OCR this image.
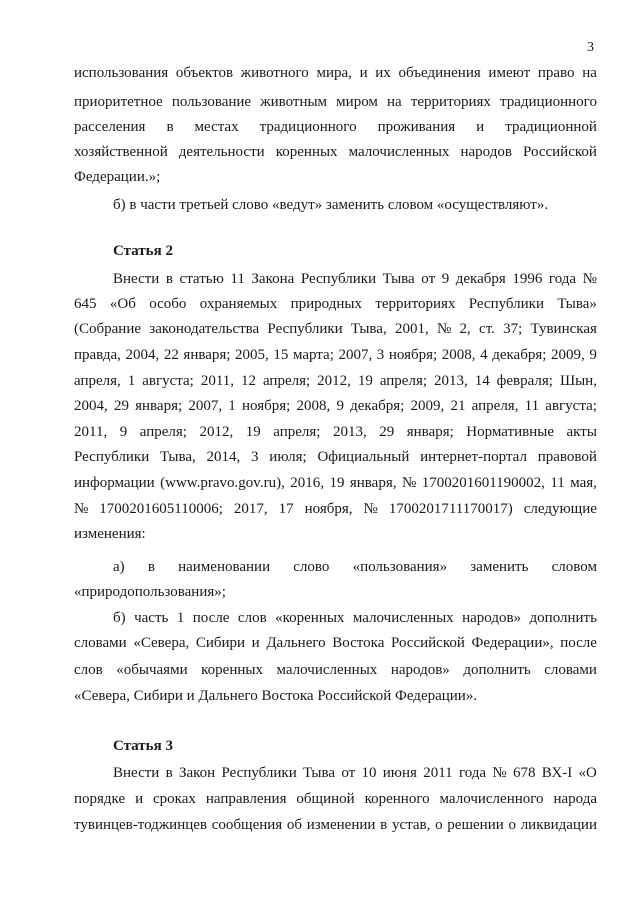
3
использования объектов животного мира, и их объединения имеют право на
приоритетное пользование животным миром на территориях традиционного
расселения в местах традиционного проживания и традиционной
хозяйственной деятельности коренных малочисленных народов Российской
Федерации.»;
б) в части третьей слово «ведут» заменить словом «осуществляют».
Статья 2
Внести в статью 11 Закона Республики Тыва от 9 декабря 1996 года №
645 «Об особо охраняемых природных территориях Республики Тыва»
(Собрание законодательства Республики Тыва, 2001, № 2, ст. 37; Тувинская
правда, 2004, 22 января; 2005, 15 марта; 2007, 3 ноября; 2008, 4 декабря; 2009, 9
апреля, 1 августа; 2011, 12 апреля; 2012, 19 апреля; 2013, 14 февраля; Шын,
2004, 29 января; 2007, 1 ноября; 2008, 9 декабря; 2009, 21 апреля, 11 августа;
2011, 9 апреля; 2012, 19 апреля; 2013, 29 января; Нормативные акты
Республики Тыва, 2014, 3 июля; Официальный интернет-портал правовой
информации (www.pravo.gov.ru), 2016, 19 января, № 1700201601190002, 11 мая,
№ 1700201605110006; 2017, 17 ноября, № 1700201711170017) следующие
изменения:
а) в наименовании слово «пользования» заменить словом
«природопользования»;
б) часть 1 после слов «коренных малочисленных народов» дополнить
словами «Севера, Сибири и Дальнего Востока Российской Федерации», после
слов «обычаями коренных малочисленных народов» дополнить словами
«Севера, Сибири и Дальнего Востока Российской Федерации».
Статья 3
Внести в Закон Республики Тыва от 10 июня 2011 года № 678 ВХ-I «О
порядке и сроках направления общиной коренного малочисленного народа
тувинцев-тоджинцев сообщения об изменении в устав, о решении о ликвидации
